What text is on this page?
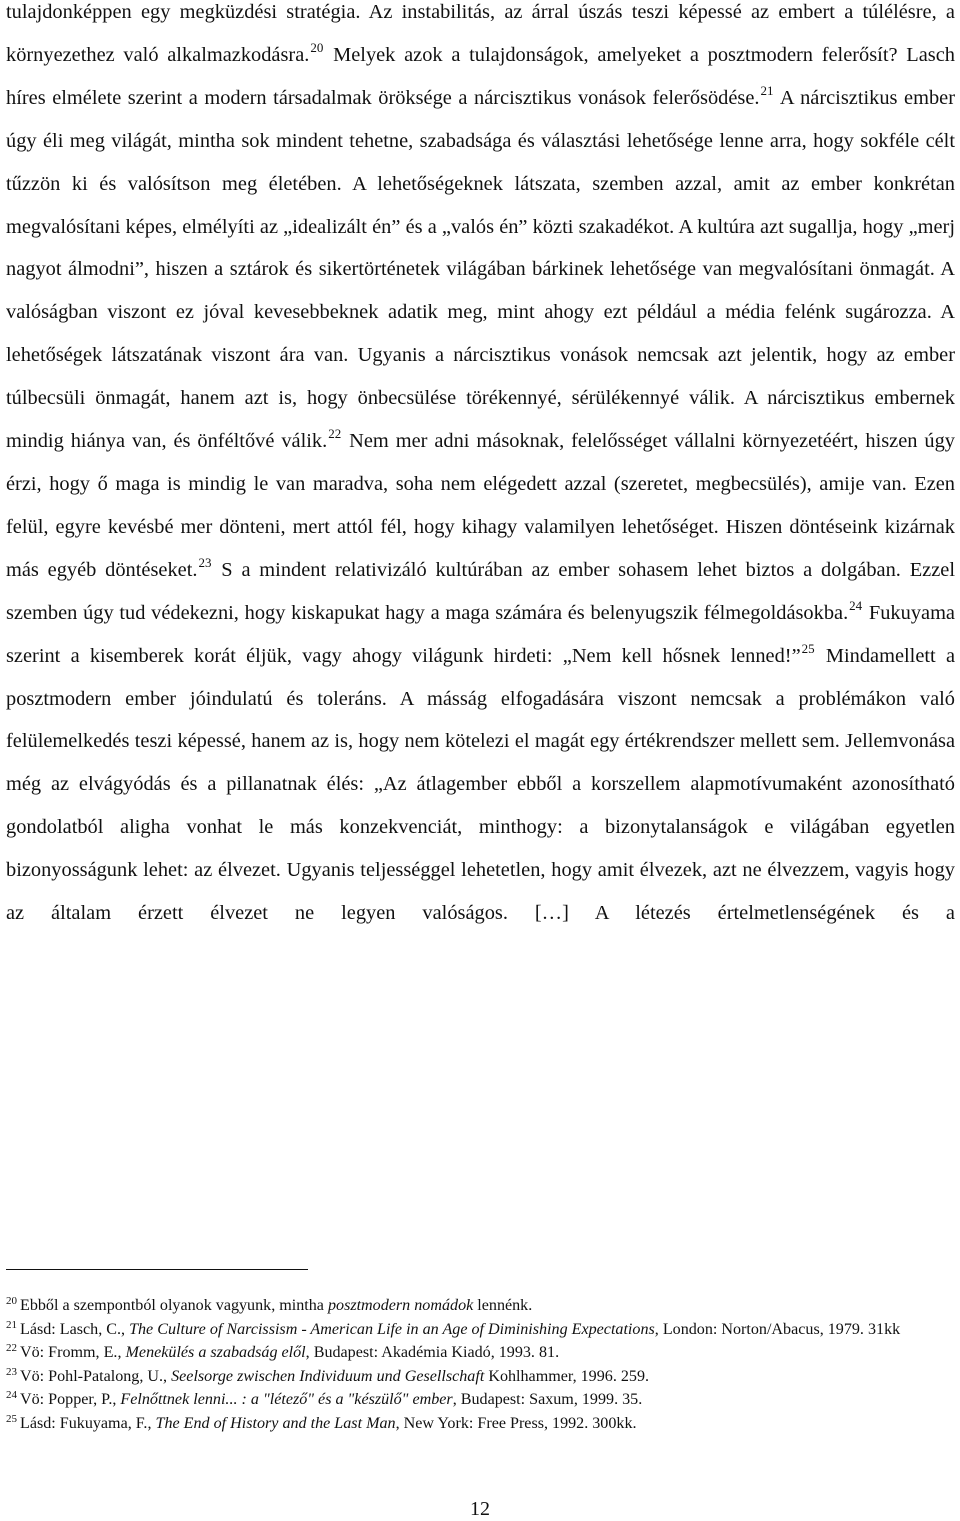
tulajdonképpen egy megküzdési stratégia. Az instabilitás, az árral úszás teszi képessé az embert a túlélésre, a környezethez való alkalmazkodásra.$^{20}$ Melyek azok a tulajdonságok, amelyeket a posztmodern felerősít? Lasch híres elmélete szerint a modern társadalmak öröksége a nárcisztikus vonások felerősödése.$^{21}$ A nárcisztikus ember úgy éli meg világát, mintha sok mindent tehetne, szabadsága és választási lehetősége lenne arra, hogy sokféle célt tűzzön ki és valósítson meg életében. A lehetőségeknek látszata, szemben azzal, amit az ember konkrétan megvalósítani képes, elmélyíti az „idealizált én” és a „valós én” közti szakadékot. A kultúra azt sugallja, hogy „merj nagyot álmodni”, hiszen a sztárok és sikertörténetek világában bárkinek lehetősége van megvalósítani önmagát. A valóságban viszont ez jóval kevesebbeknek adatik meg, mint ahogy ezt például a média felénk sugározza. A lehetőségek látszatának viszont ára van. Ugyanis a nárcisztikus vonások nemcsak azt jelentik, hogy az ember túlbecsüli önmagát, hanem azt is, hogy önbecsülése törékennyé, sérülékennyé válik. A nárcisztikus embernek mindig hiánya van, és önféltővé válik.$^{22}$ Nem mer adni másoknak, felelősséget vállalni környezetéért, hiszen úgy érzi, hogy ő maga is mindig le van maradva, soha nem elégedett azzal (szeretet, megbecsülés), amije van. Ezen felül, egyre kevésbé mer dönteni, mert attól fél, hogy kihagy valamilyen lehetőséget. Hiszen döntéseink kizárnak más egyéb döntéseket.$^{23}$ S a mindent relativizáló kultúrában az ember sohasem lehet biztos a dolgában. Ezzel szemben úgy tud védekezni, hogy kiskapukat hagy a maga számára és belenyugszik félmegoldásokba.$^{24}$ Fukuyama szerint a kisemberek korát éljük, vagy ahogy világunk hirdeti: „Nem kell hősnek lenned!”$^{25}$ Mindamellett a posztmodern ember jóindulatú és toleráns. A másság elfogadására viszont nemcsak a problémákon való felülemelkedés teszi képessé, hanem az is, hogy nem kötelezi el magát egy értékrendszer mellett sem. Jellemvonása még az elvágyódás és a pillanatnak élés: „Az átlagember ebből a korszellem alapmotívumaként azonosítható gondolatból aligha vonhat le más konzekvenciát, minthogy: a bizonytalanságok e világában egyetlen bizonyosságunk lehet: az élvezet. Ugyanis teljességgel lehetetlen, hogy amit élvezek, azt ne élvezzem, vagyis hogy az általam érzett élvezet ne legyen valóságos. […] A létezés értelmetlenségének és a

$^{20}$ Ebből a szempontból olyanok vagyunk, mintha posztmodern nomádok lennénk.

$^{21}$ Lásd: Lasch, C., The Culture of Narcissism - American Life in an Age of Diminishing Expectations, London: Norton/Abacus, 1979. 31kk

$^{22}$ Vö: Fromm, E., Menekülés a szabadság elől, Budapest: Akadémia Kiadó, 1993. 81.

$^{23}$ Vö: Pohl-Patalong, U., Seelsorge zwischen Individuum und Gesellschaft Kohlhammer, 1996. 259.

$^{24}$ Vö: Popper, P., Felnőttnek lenni... : a "létező" és a "készülő" ember, Budapest: Saxum, 1999. 35.

$^{25}$ Lásd: Fukuyama, F., The End of History and the Last Man, New York: Free Press, 1992. 300kk.

12
